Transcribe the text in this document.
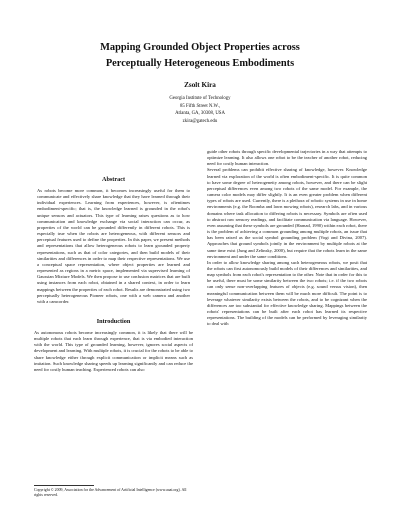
Mapping Grounded Object Properties across
Perceptually Heterogeneous Embodiments
Zsolt Kira
Georgia Institute of Technology
85 Fifth Street N.W.,
Atlanta, GA, 30308, USA
zkira@gatech.edu
Abstract

As robots become more common, it becomes increasingly useful for them to communicate and effectively share knowledge that they have learned through their individual experiences. Learning from experiences, however, is oftentimes embodiment-specific; that is, the knowledge learned is grounded in the robot's unique sensors and actuators. This type of learning raises questions as to how communication and knowledge exchange via social interaction can occur, as properties of the world can be grounded differently in different robots. This is especially true when the robots are heterogeneous, with different sensors and perceptual features used to define the properties. In this paper, we present methods and representations that allow heterogeneous robots to learn grounded property representations, such as that of color categories, and then build models of their similarities and differences in order to map their respective representations. We use a conceptual space representation, where object properties are learned and represented as regions in a metric space, implemented via supervised learning of Gaussian Mixture Models. We then propose to use confusion matrices that are built using instances from each robot, obtained in a shared context, in order to learn mappings between the properties of each robot. Results are demonstrated using two perceptually heterogeneous Pioneer robots, one with a web camera and another with a camcorder.

Introduction

As autonomous robots become increasingly common, it is likely that there will be multiple robots that each learn through experience, that is via embodied interaction with the world. This type of grounded learning, however, ignores social aspects of development and learning. With multiple robots, it is crucial for the robots to be able to share knowledge either through explicit communication or implicit means such as imitation. Such knowledge sharing speeds up learning significantly and can reduce the need for costly human teaching. Experienced robots can also

guide other robots through specific developmental trajectories in a way that attempts to optimize learning. It also allows one robot to be the teacher of another robot, reducing need for costly human interaction.

Several problems can prohibit effective sharing of knowledge, however. Knowledge learned via exploration of the world is often embodiment-specific. It is quite common to have some degree of heterogeneity among robots, however, and there can be slight perceptual differences even among two robots of the same model. For example, the camera color models may differ slightly. It is an even greater problem when different types of robots are used. Currently, there is a plethora of robotic systems in use in home environments (e.g. the Roomba and lawn mowing robots), research labs, and in various domains where task allocation to differing robots is necessary. Symbols are often used to abstract raw sensory readings, and facilitate communication via language. However, even assuming that these symbols are grounded (Harnad, 1990) within each robot, there is the problem of achieving a common grounding among multiple robots, an issue that has been raised as the social symbol grounding problem (Vogt and Divina, 2007). Approaches that ground symbols jointly in the environment by multiple robots at the same time exist (Jung and Zelinsky, 2000), but require that the robots learn in the same environment and under the same conditions.

In order to allow knowledge sharing among such heterogeneous robots, we posit that the robots can first autonomously build models of their differences and similarities, and map symbols from each robot's representation to the other. Note that in order for this to be useful, there must be some similarity between the two robots; i.e. if the two robots can only sense non-overlapping features of objects (e.g. sound versus vision), then meaningful communication between them will be much more difficult. The point is to leverage whatever similarity exists between the robots, and to be cognizant when the differences are too substantial for effective knowledge sharing. Mappings between the robots' representations can be built after each robot has learned its respective representations. The building of the models can be performed by leveraging similarity to deal with

Copyright © 2009, Association for the Advancement of Artificial Intelligence (www.aaai.org). All rights reserved.
